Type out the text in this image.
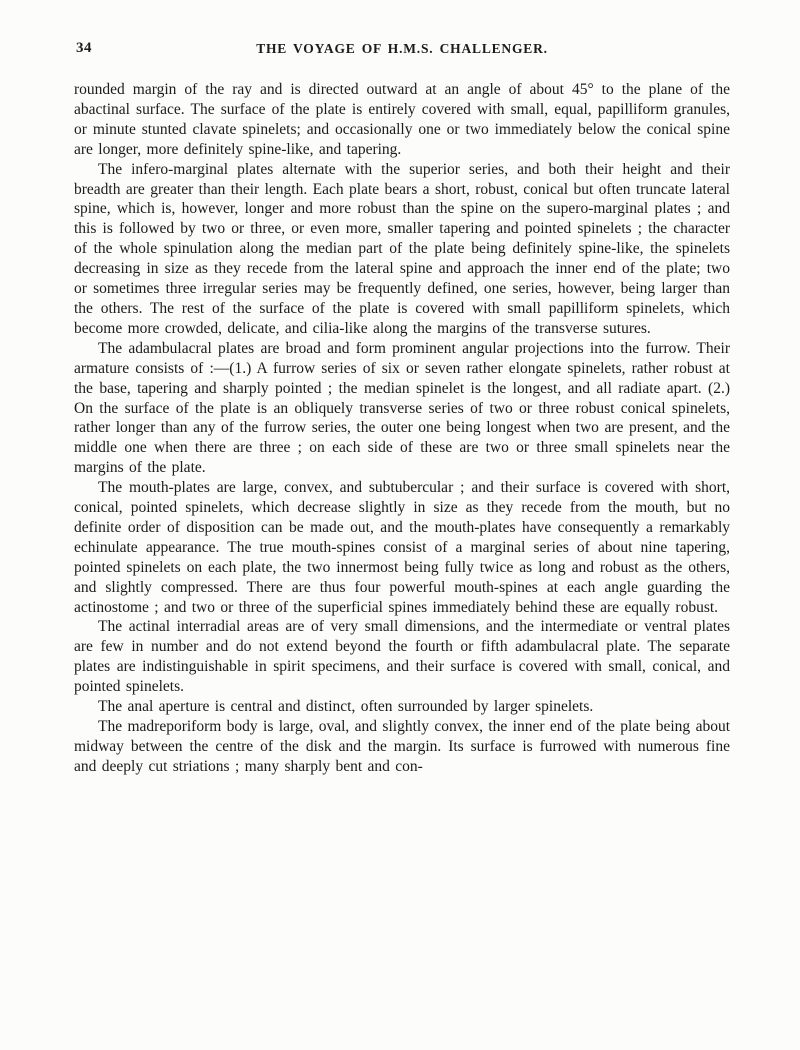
34	THE VOYAGE OF H.M.S. CHALLENGER.

rounded margin of the ray and is directed outward at an angle of about 45° to the plane of the abactinal surface. The surface of the plate is entirely covered with small, equal, papilliform granules, or minute stunted clavate spinelets; and occasionally one or two immediately below the conical spine are longer, more definitely spine-like, and tapering.

The infero-marginal plates alternate with the superior series, and both their height and their breadth are greater than their length. Each plate bears a short, robust, conical but often truncate lateral spine, which is, however, longer and more robust than the spine on the supero-marginal plates ; and this is followed by two or three, or even more, smaller tapering and pointed spinelets ; the character of the whole spinulation along the median part of the plate being definitely spine-like, the spinelets decreasing in size as they recede from the lateral spine and approach the inner end of the plate; two or sometimes three irregular series may be frequently defined, one series, however, being larger than the others. The rest of the surface of the plate is covered with small papilliform spinelets, which become more crowded, delicate, and cilia-like along the margins of the transverse sutures.

The adambulacral plates are broad and form prominent angular projections into the furrow. Their armature consists of :—(1.) A furrow series of six or seven rather elongate spinelets, rather robust at the base, tapering and sharply pointed ; the median spinelet is the longest, and all radiate apart. (2.) On the surface of the plate is an obliquely transverse series of two or three robust conical spinelets, rather longer than any of the furrow series, the outer one being longest when two are present, and the middle one when there are three ; on each side of these are two or three small spinelets near the margins of the plate.

The mouth-plates are large, convex, and subtubercular ; and their surface is covered with short, conical, pointed spinelets, which decrease slightly in size as they recede from the mouth, but no definite order of disposition can be made out, and the mouth-plates have consequently a remarkably echinulate appearance. The true mouth-spines consist of a marginal series of about nine tapering, pointed spinelets on each plate, the two innermost being fully twice as long and robust as the others, and slightly compressed. There are thus four powerful mouth-spines at each angle guarding the actinostome ; and two or three of the superficial spines immediately behind these are equally robust.

The actinal interradial areas are of very small dimensions, and the intermediate or ventral plates are few in number and do not extend beyond the fourth or fifth adambulacral plate. The separate plates are indistinguishable in spirit specimens, and their surface is covered with small, conical, and pointed spinelets.

The anal aperture is central and distinct, often surrounded by larger spinelets.

The madreporiform body is large, oval, and slightly convex, the inner end of the plate being about midway between the centre of the disk and the margin. Its surface is furrowed with numerous fine and deeply cut striations ; many sharply bent and con-
